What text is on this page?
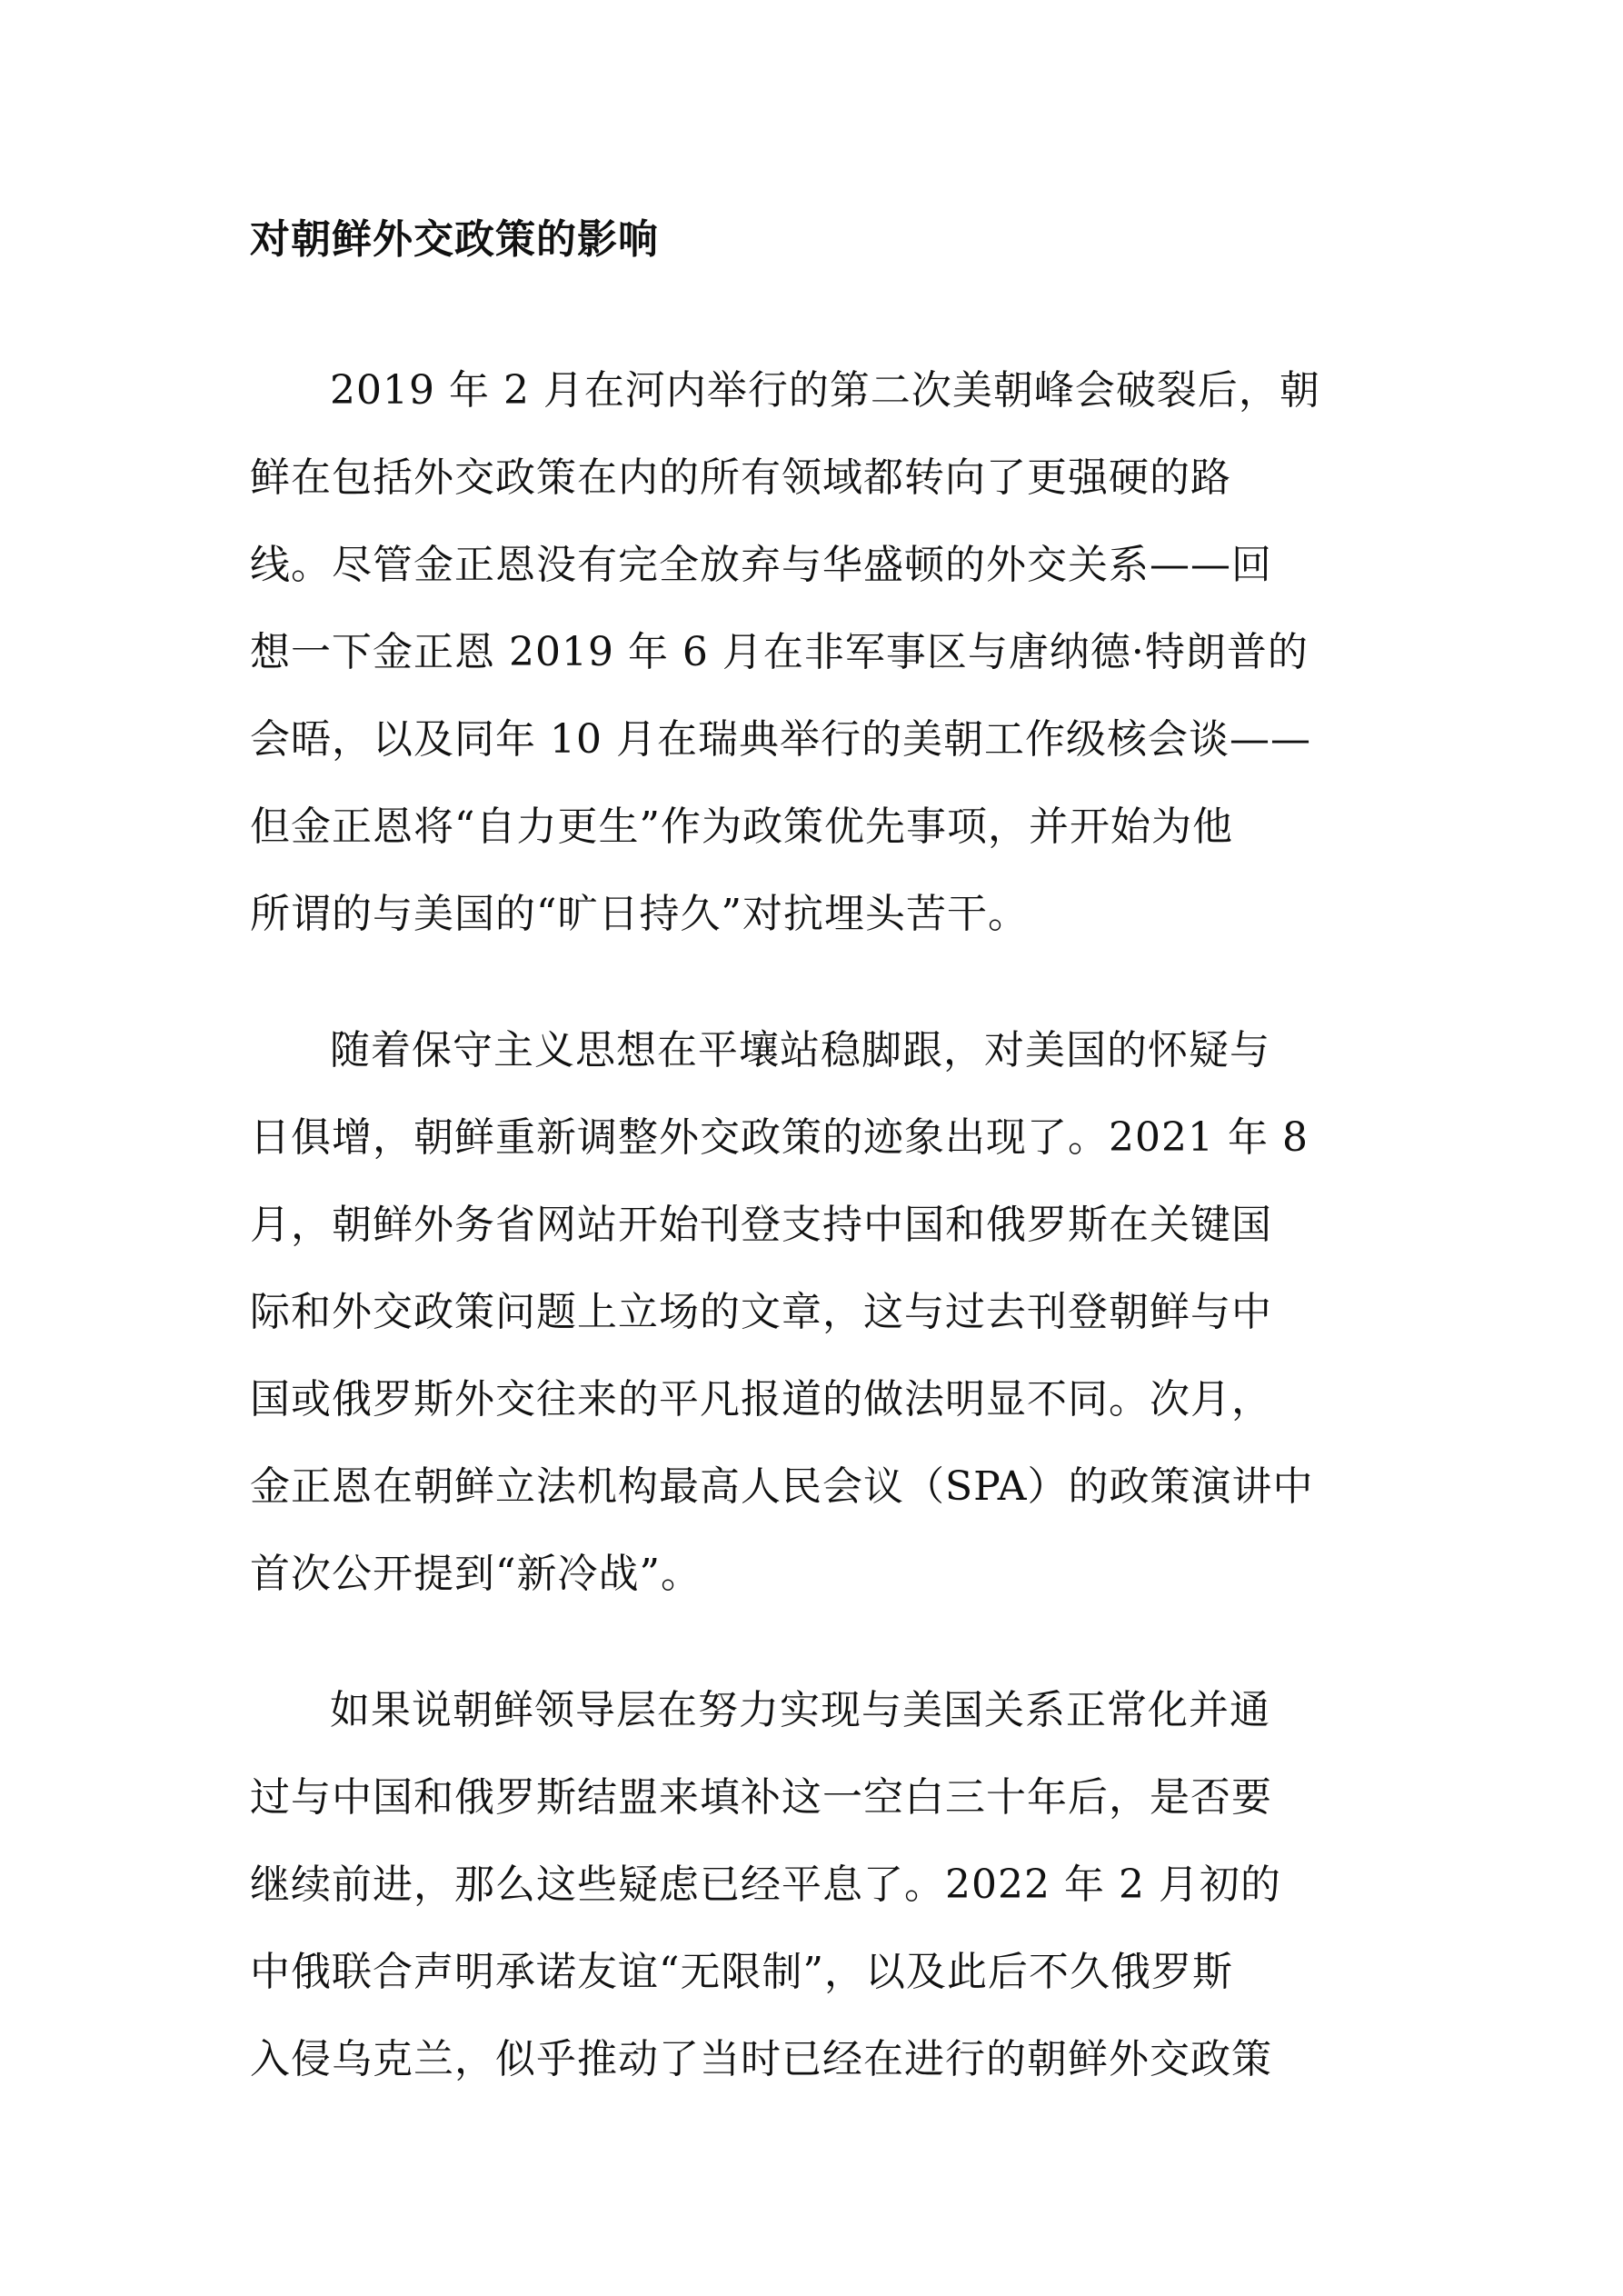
对朝鲜外交政策的影响
2019 年 2 月在河内举行的第二次美朝峰会破裂后，朝
鲜在包括外交政策在内的所有领域都转向了更强硬的路
线。尽管金正恩没有完全放弃与华盛顿的外交关系——回
想一下金正恩 2019 年 6 月在非军事区与唐纳德·特朗普的
会晤，以及同年 10 月在瑞典举行的美朝工作级核会谈——
但金正恩将“自力更生”作为政策优先事项，并开始为他
所谓的与美国的“旷日持久”对抗埋头苦干。
随着保守主义思想在平壤站稳脚跟，对美国的怀疑与
日俱增，朝鲜重新调整外交政策的迹象出现了。2021 年 8
月，朝鲜外务省网站开始刊登支持中国和俄罗斯在关键国
际和外交政策问题上立场的文章，这与过去刊登朝鲜与中
国或俄罗斯外交往来的平凡报道的做法明显不同。次月，
金正恩在朝鲜立法机构最高人民会议（SPA）的政策演讲中
首次公开提到“新冷战”。
如果说朝鲜领导层在努力实现与美国关系正常化并通
过与中国和俄罗斯结盟来填补这一空白三十年后，是否要
继续前进，那么这些疑虑已经平息了。2022 年 2 月初的
中俄联合声明承诺友谊“无限制”，以及此后不久俄罗斯
入侵乌克兰，似乎推动了当时已经在进行的朝鲜外交政策
